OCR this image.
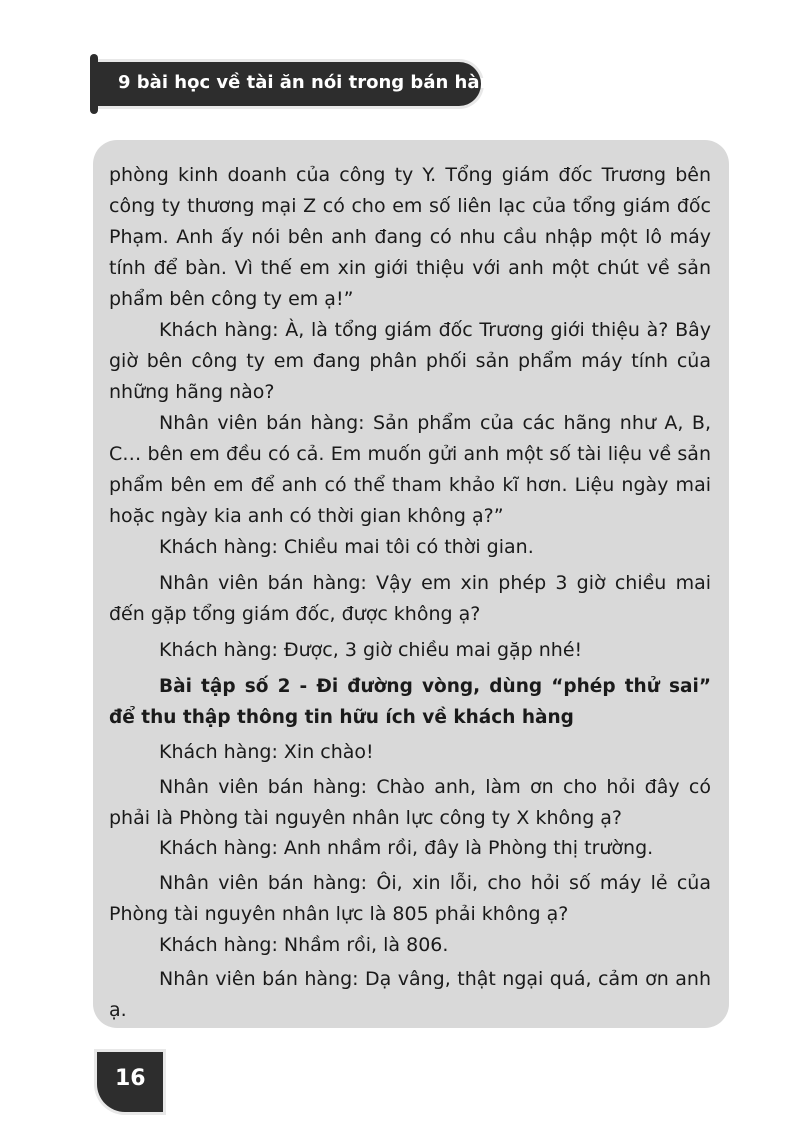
9 bài học về tài ăn nói trong bán hàng

phòng kinh doanh của công ty Y. Tổng giám đốc Trương bên công ty thương mại Z có cho em số liên lạc của tổng giám đốc Phạm. Anh ấy nói bên anh đang có nhu cầu nhập một lô máy tính để bàn. Vì thế em xin giới thiệu với anh một chút về sản phẩm bên công ty em ạ!”

Khách hàng: À, là tổng giám đốc Trương giới thiệu à? Bây giờ bên công ty em đang phân phối sản phẩm máy tính của những hãng nào?

Nhân viên bán hàng: Sản phẩm của các hãng như A, B, C… bên em đều có cả. Em muốn gửi anh một số tài liệu về sản phẩm bên em để anh có thể tham khảo kĩ hơn. Liệu ngày mai hoặc ngày kia anh có thời gian không ạ?”

Khách hàng: Chiều mai tôi có thời gian.

Nhân viên bán hàng: Vậy em xin phép 3 giờ chiều mai đến gặp tổng giám đốc, được không ạ?

Khách hàng: Được, 3 giờ chiều mai gặp nhé!

Bài tập số 2 - Đi đường vòng, dùng “phép thử sai” để thu thập thông tin hữu ích về khách hàng

Khách hàng: Xin chào!

Nhân viên bán hàng: Chào anh, làm ơn cho hỏi đây có phải là Phòng tài nguyên nhân lực công ty X không ạ?

Khách hàng: Anh nhầm rồi, đây là Phòng thị trường.

Nhân viên bán hàng: Ôi, xin lỗi, cho hỏi số máy lẻ của Phòng tài nguyên nhân lực là 805 phải không ạ?

Khách hàng: Nhầm rồi, là 806.

Nhân viên bán hàng: Dạ vâng, thật ngại quá, cảm ơn anh ạ.

16
